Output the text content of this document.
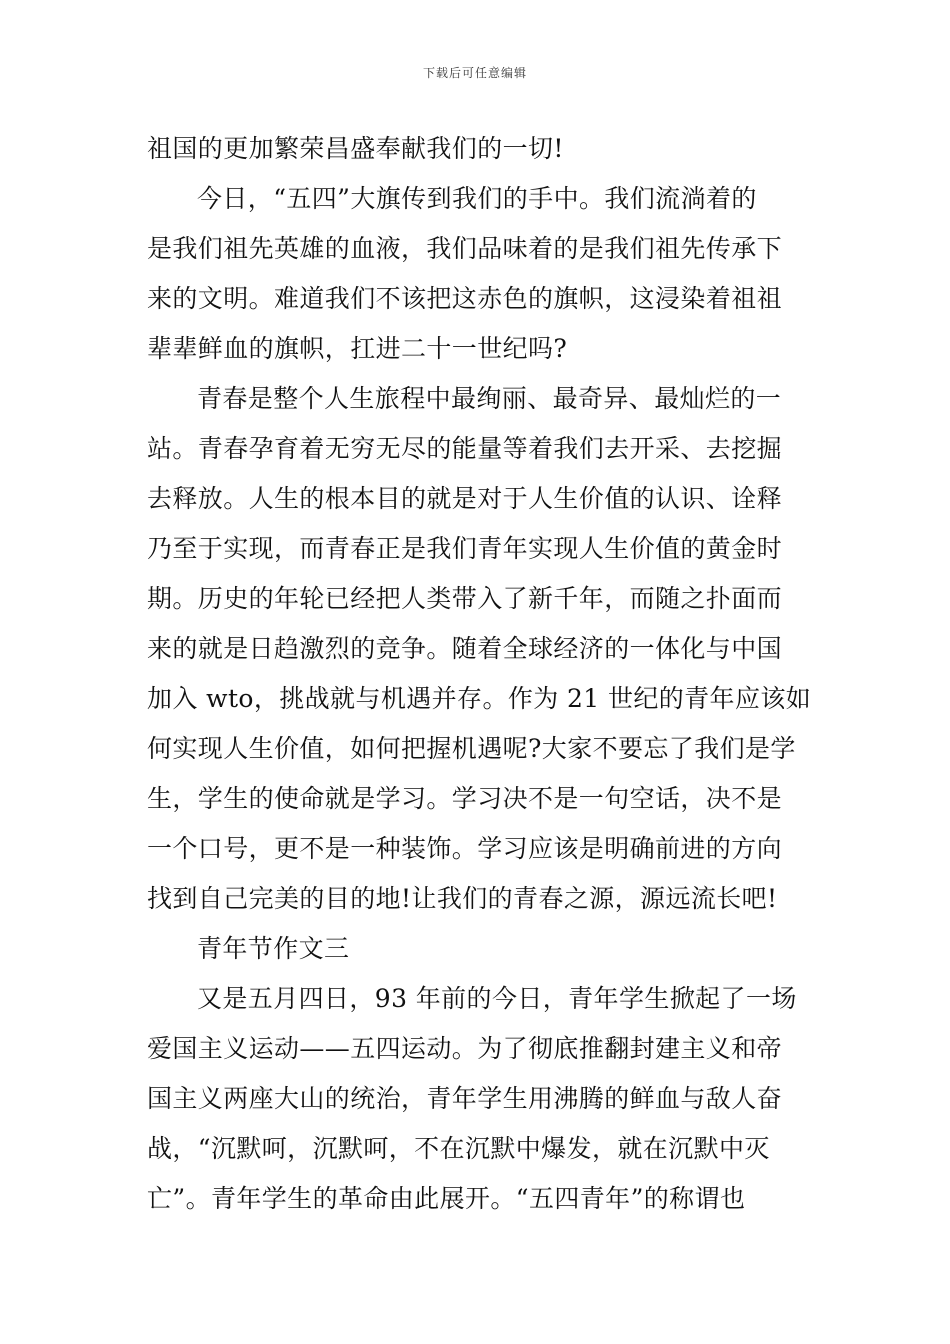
下载后可任意编辑
祖国的更加繁荣昌盛奉献我们的一切!
今日，“五四”大旗传到我们的手中。我们流淌着的
是我们祖先英雄的血液，我们品味着的是我们祖先传承下
来的文明。难道我们不该把这赤色的旗帜，这浸染着祖祖
辈辈鲜血的旗帜，扛进二十一世纪吗?
青春是整个人生旅程中最绚丽、最奇异、最灿烂的一
站。青春孕育着无穷无尽的能量等着我们去开采、去挖掘
去释放。人生的根本目的就是对于人生价值的认识、诠释
乃至于实现，而青春正是我们青年实现人生价值的黄金时
期。历史的年轮已经把人类带入了新千年，而随之扑面而
来的就是日趋激烈的竞争。随着全球经济的一体化与中国
加入 wto，挑战就与机遇并存。作为 21 世纪的青年应该如
何实现人生价值，如何把握机遇呢?大家不要忘了我们是学
生，学生的使命就是学习。学习决不是一句空话，决不是
一个口号，更不是一种装饰。学习应该是明确前进的方向
找到自己完美的目的地!让我们的青春之源，源远流长吧!
青年节作文三
又是五月四日，93 年前的今日，青年学生掀起了一场
爱国主义运动——五四运动。为了彻底推翻封建主义和帝
国主义两座大山的统治，青年学生用沸腾的鲜血与敌人奋
战，“沉默呵，沉默呵，不在沉默中爆发，就在沉默中灭
亡”。青年学生的革命由此展开。“五四青年”的称谓也
